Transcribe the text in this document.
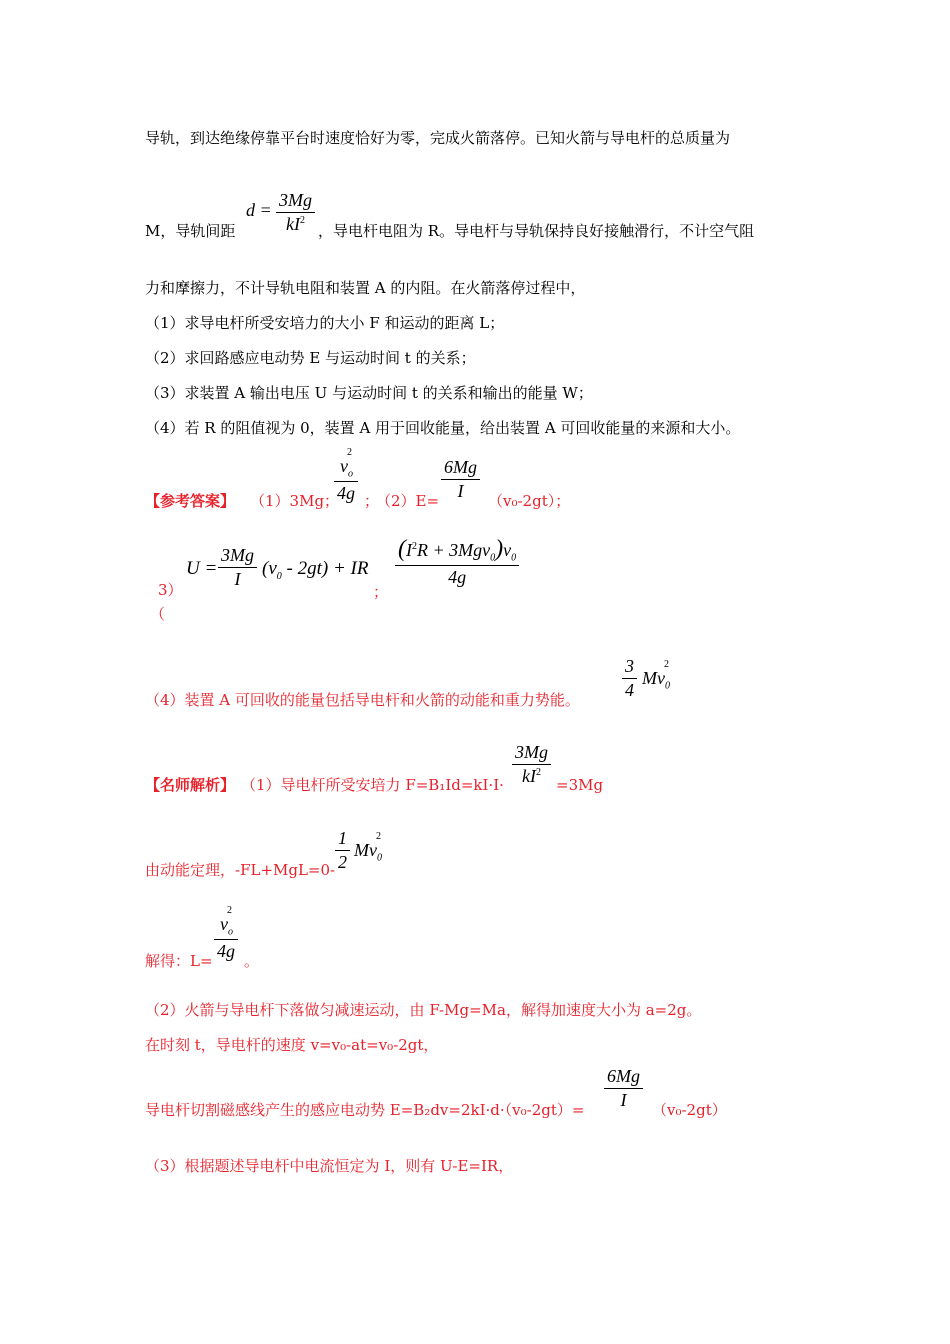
导轨，到达绝缘停靠平台时速度恰好为零，完成火箭落停。已知火箭与导电杆的总质量为
M，导轨间距
d = 3Mg
$kI^2$
，导电杆电阻为 R。导电杆与导轨保持良好接触滑行，不计空气阻
力和摩擦力，不计导轨电阻和装置 A 的内阻。在火箭落停过程中，
（1）求导电杆所受安培力的大小 F 和运动的距离 L；
（2）求回路感应电动势 E 与运动时间 t 的关系；
（3）求装置 A 输出电压 U 与运动时间 t 的关系和输出的能量 W；
（4）若 R 的阻值视为 0，装置 A 用于回收能量，给出装置 A 可回收能量的来源和大小。
【参考答案】 （1）3Mg；
$v_o^2$
4g ；
（2）E=
6Mg
I	（v₀-2gt）；
U =
3Mg
I	$(v_0 - 2gt)$ + IR
3）
（
；
$(I^2R + 3Mgv_0)v_0$
4g
3
4
$Mv_0^2$
（4）装置 A 可回收的能量包括导电杆和火箭的动能和重力势能。
【名师解析】 （1）导电杆所受安培力 F=B₁Id=kI·I·
3Mg
$kI^2$
=3Mg
1
2
$Mv_0^2$
由动能定理，-FL+MgL=0-
解得：L=
$v_o^2$
4g
。
（2）火箭与导电杆下落做匀减速运动，由 F-Mg=Ma，解得加速度大小为 a=2g。
在时刻 t，导电杆的速度 v=v₀-at=v₀-2gt，
导电杆切割磁感线产生的感应电动势 E=B₂dv=2kI·d·（v₀-2gt）=
6Mg
I	（v₀-2gt）
（3）根据题述导电杆中电流恒定为 I，则有 U-E=IR，
